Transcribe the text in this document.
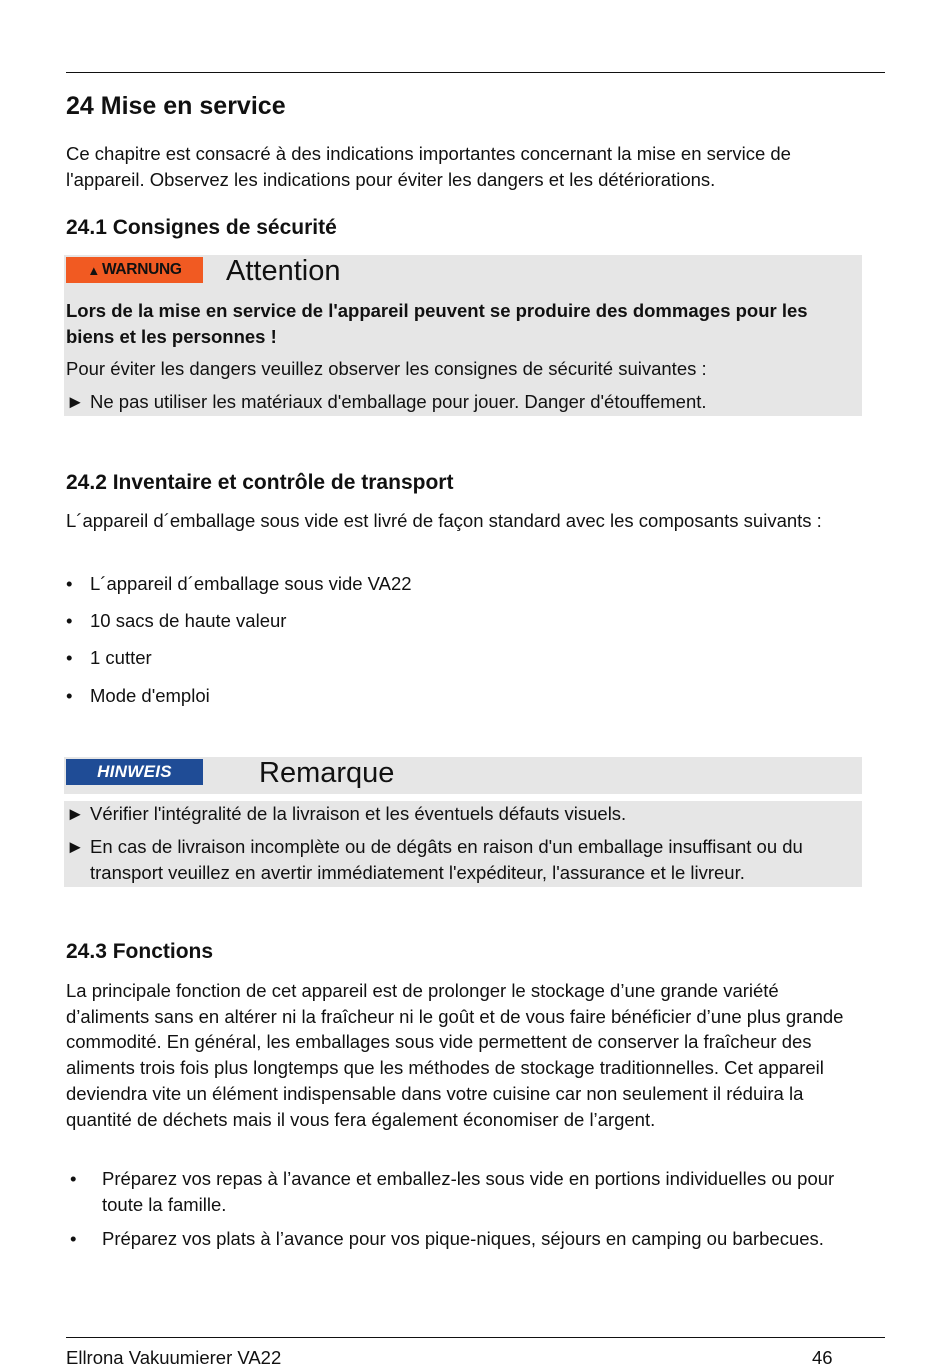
24 Mise en service

Ce chapitre est consacré à des indications importantes concernant la mise en service de l'appareil. Observez les indications pour éviter les dangers et les détériorations.

24.1 Consignes de sécurité
▲ WARNUNG Attention

Lors de la mise en service de l'appareil peuvent se produire des dommages pour les biens et les personnes !

Pour éviter les dangers veuillez observer les consignes de sécurité suivantes :

► Ne pas utiliser les matériaux d'emballage pour jouer. Danger d'étouffement.

24.2 Inventaire et contrôle de transport

L´appareil d´emballage sous vide est livré de façon standard avec les composants suivants :

• L´appareil d´emballage sous vide VA22
• 10 sacs de haute valeur
• 1 cutter
• Mode d'emploi
HINWEIS	Remarque

► Vérifier l'intégralité de la livraison et les éventuels défauts visuels.

► En cas de livraison incomplète ou de dégâts en raison d'un emballage insuffisant ou du transport veuillez en avertir immédiatement l'expéditeur, l'assurance et le livreur.
24.3 Fonctions

La principale fonction de cet appareil est de prolonger le stockage d’une grande variété d’aliments sans en altérer ni la fraîcheur ni le goût et de vous faire bénéficier d’une plus grande commodité. En général, les emballages sous vide permettent de conserver la fraîcheur des aliments trois fois plus longtemps que les méthodes de stockage traditionnelles. Cet appareil deviendra vite un élément indispensable dans votre cuisine car non seulement il réduira la quantité de déchets mais il vous fera également économiser de l’argent.

• Préparez vos repas à l’avance et emballez-les sous vide en portions individuelles ou pour toute la famille.
• Préparez vos plats à l’avance pour vos pique-niques, séjours en camping ou barbecues.
Ellrona Vakuumierer VA22	46
